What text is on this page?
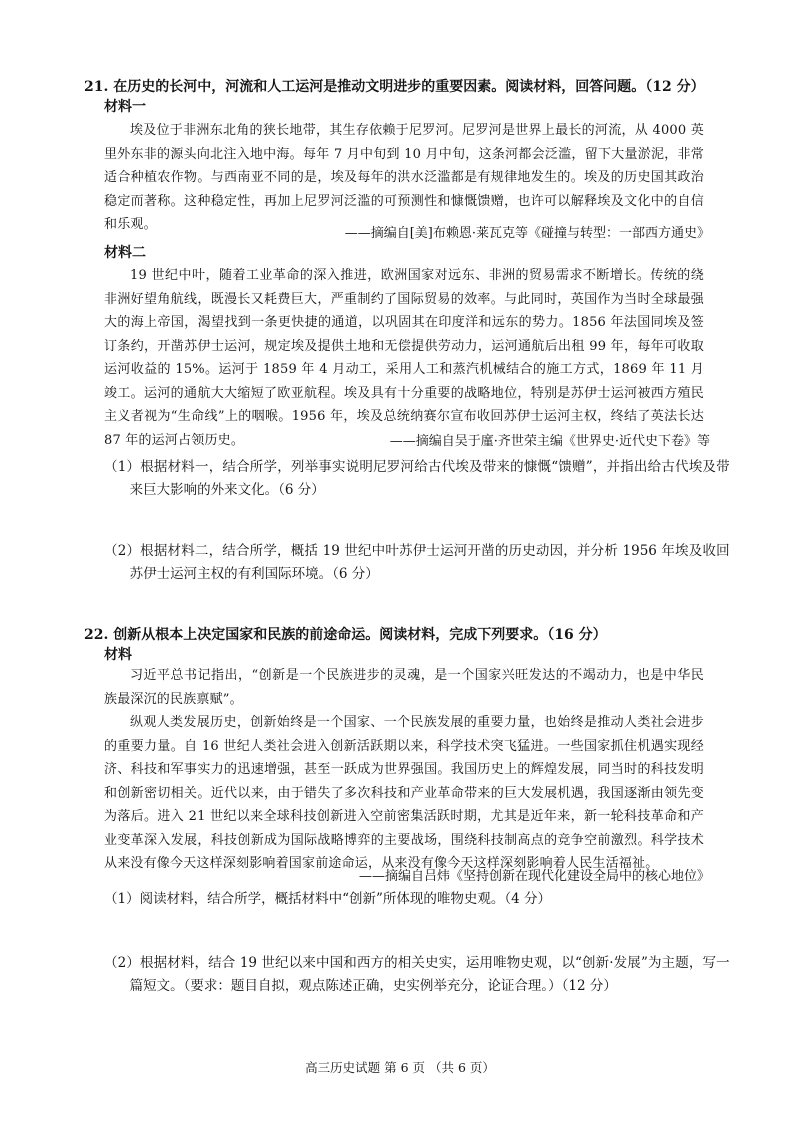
21. 在历史的长河中，河流和人工运河是推动文明进步的重要因素。阅读材料，回答问题。（12 分）
材料一
埃及位于非洲东北角的狭长地带，其生存依赖于尼罗河。尼罗河是世界上最长的河流，从 4000 英里外东非的源头向北注入地中海。每年 7 月中旬到 10 月中旬，这条河都会泛滥，留下大量淤泥，非常适合种植农作物。与西南亚不同的是，埃及每年的洪水泛滥都是有规律地发生的。埃及的历史国其政治稳定而著称。这种稳定性，再加上尼罗河泛滥的可预测性和慷慨馈赠，也许可以解释埃及文化中的自信和乐观。
——摘编自[美]布赖恩·莱瓦克等《碰撞与转型：一部西方通史》
材料二
19 世纪中叶，随着工业革命的深入推进，欧洲国家对远东、非洲的贸易需求不断增长。传统的绕非洲好望角航线，既漫长又耗费巨大，严重制约了国际贸易的效率。与此同时，英国作为当时全球最强大的海上帝国，渴望找到一条更快捷的通道，以巩固其在印度洋和远东的势力。1856 年法国同埃及签订条约，开凿苏伊士运河，规定埃及提供土地和无偿提供劳动力，运河通航后出租 99 年，每年可收取运河收益的 15%。运河于 1859 年 4 月动工，采用人工和蒸汽机械结合的施工方式，1869 年 11 月竣工。运河的通航大大缩短了欧亚航程。埃及具有十分重要的战略地位，特别是苏伊士运河被西方殖民主义者视为“生命线”上的咽喉。1956 年，埃及总统纳赛尔宣布收回苏伊士运河主权，终结了英法长达 87 年的运河占领历史。	——摘编自吴于廑·齐世荣主编《世界史·近代史下卷》等
（1）根据材料一，结合所学，列举事实说明尼罗河给古代埃及带来的慷慨“馈赠”，并指出给古代埃及带来巨大影响的外来文化。（6 分）
（2）根据材料二，结合所学，概括 19 世纪中叶苏伊士运河开凿的历史动因，并分析 1956 年埃及收回苏伊士运河主权的有利国际环境。（6 分）
22. 创新从根本上决定国家和民族的前途命运。阅读材料，完成下列要求。（16 分）
材料
习近平总书记指出，“创新是一个民族进步的灵魂，是一个国家兴旺发达的不竭动力，也是中华民族最深沉的民族禀赋”。
纵观人类发展历史，创新始终是一个国家、一个民族发展的重要力量，也始终是推动人类社会进步的重要力量。自 16 世纪人类社会进入创新活跃期以来，科学技术突飞猛进。一些国家抓住机遇实现经济、科技和军事实力的迅速增强，甚至一跃成为世界强国。我国历史上的辉煌发展，同当时的科技发明和创新密切相关。近代以来，由于错失了多次科技和产业革命带来的巨大发展机遇，我国逐渐由领先变为落后。进入 21 世纪以来全球科技创新进入空前密集活跃时期，尤其是近年来，新一轮科技革命和产业变革深入发展，科技创新成为国际战略博弈的主要战场，围绕科技制高点的竞争空前激烈。科学技术从来没有像今天这样深刻影响着国家前途命运，从来没有像今天这样深刻影响着人民生活福祉。
——摘编自吕炜《坚持创新在现代化建设全局中的核心地位》
（1）阅读材料，结合所学，概括材料中“创新”所体现的唯物史观。（4 分）
（2）根据材料，结合 19 世纪以来中国和西方的相关史实，运用唯物史观，以“创新·发展”为主题，写一篇短文。（要求：题目自拟，观点陈述正确，史实例举充分，论证合理。）（12 分）
高三历史试题 第 6 页 （共 6 页）
